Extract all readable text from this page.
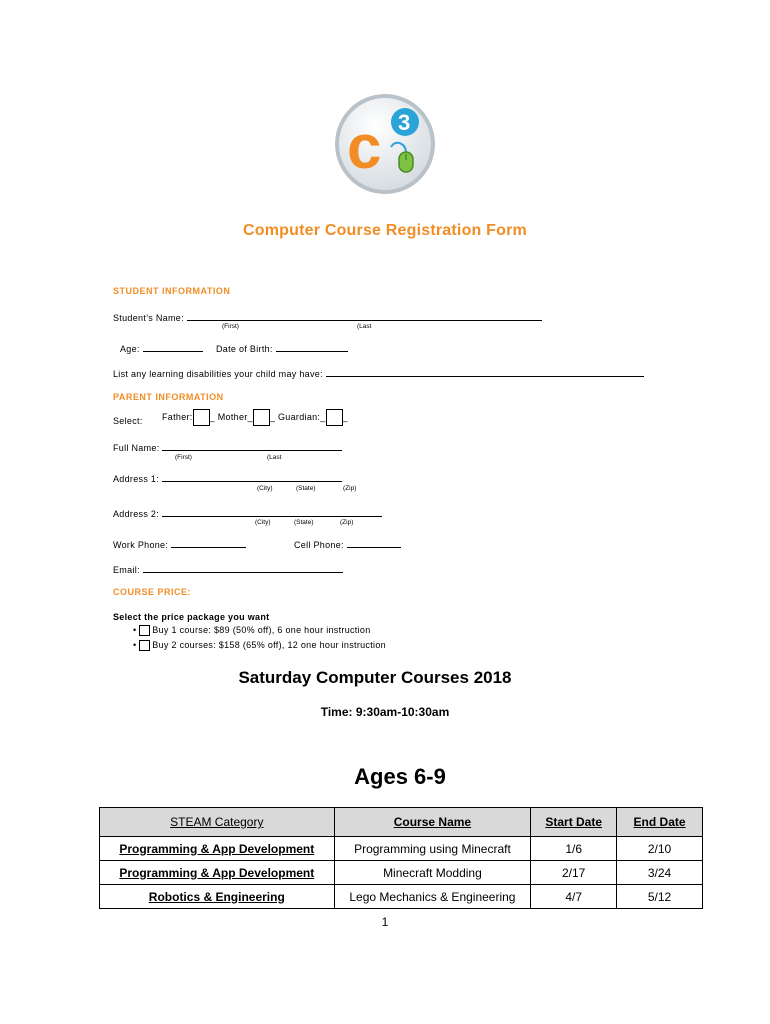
c 3
Computer Course Registration Form
STUDENT INFORMATION
Student’s Name:
(First)	(Last
Age:	Date of Birth:
List any learning disabilities your child may have:
PARENT INFORMATION
Select: Father: _ Mother_ _ Guardian:_ _
Full Name:
(First)	(Last
Address 1:
(City)	(State)	(Zip)
Address 2:
(City)	(State)	(Zip)
Work Phone:	Cell Phone:
Email:
COURSE PRICE:
Select the price package you want
• Buy 1 course: $89 (50% off), 6 one hour instruction
• Buy 2 courses: $158 (65% off), 12 one hour instruction
Saturday Computer Courses 2018
Time: 9:30am-10:30am
Ages 6-9
STEAM Category	Course Name	Start Date	End Date
Programming & App Development	Programming using Minecraft	1/6	2/10
Programming & App Development	Minecraft Modding	2/17	3/24
Robotics & Engineering	Lego Mechanics & Engineering	4/7	5/12
1
